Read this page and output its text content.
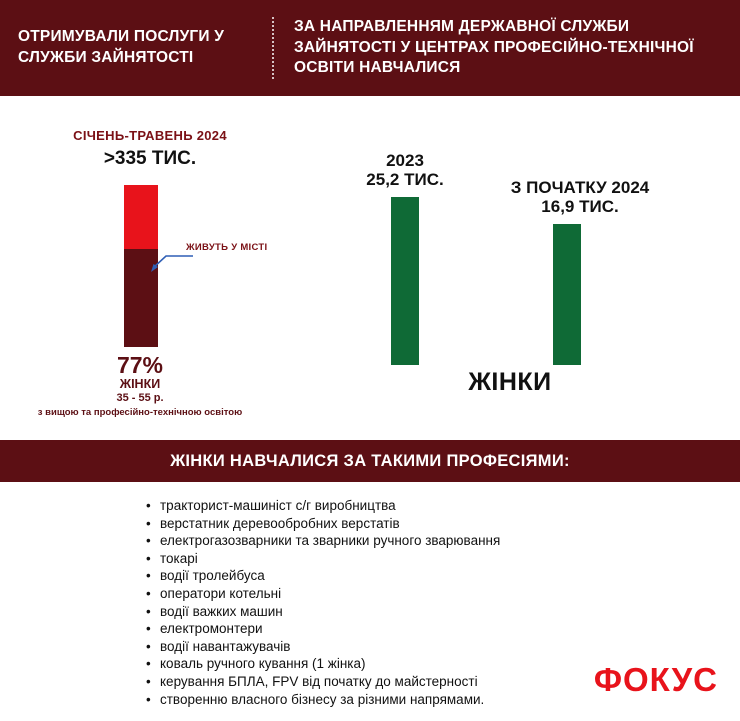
ОТРИМУВАЛИ ПОСЛУГИ У СЛУЖБИ ЗАЙНЯТОСТІ
ЗА НАПРАВЛЕННЯМ ДЕРЖАВНОЇ СЛУЖБИ ЗАЙНЯТОСТІ У ЦЕНТРАХ ПРОФЕСІЙНО-ТЕХНІЧНОЇ ОСВІТИ НАВЧАЛИСЯ
СІЧЕНЬ-ТРАВЕНЬ 2024
>335 ТИС.
ЖИВУТЬ У МІСТІ
77%
ЖІНКИ
35 - 55 р.
з вищою та професійно-технічною освітою
2023
25,2 ТИС.	З ПОЧАТКУ 2024
16,9 ТИС.
ЖІНКИ
ЖІНКИ НАВЧАЛИСЯ ЗА ТАКИМИ ПРОФЕСІЯМИ:
• тракторист-машиніст с/г виробництва
• верстатник деревообробних верстатів
• електрогазозварники та зварники ручного зварювання
• токарі
• водії тролейбуса
• оператори котельні
• водії важких машин
• електромонтери
• водії навантажувачів
• коваль ручного кування (1 жінка)
• керування БПЛА, FPV від початку до майстерності
• створенню власного бізнесу за різними напрямами.
ФОКУС
